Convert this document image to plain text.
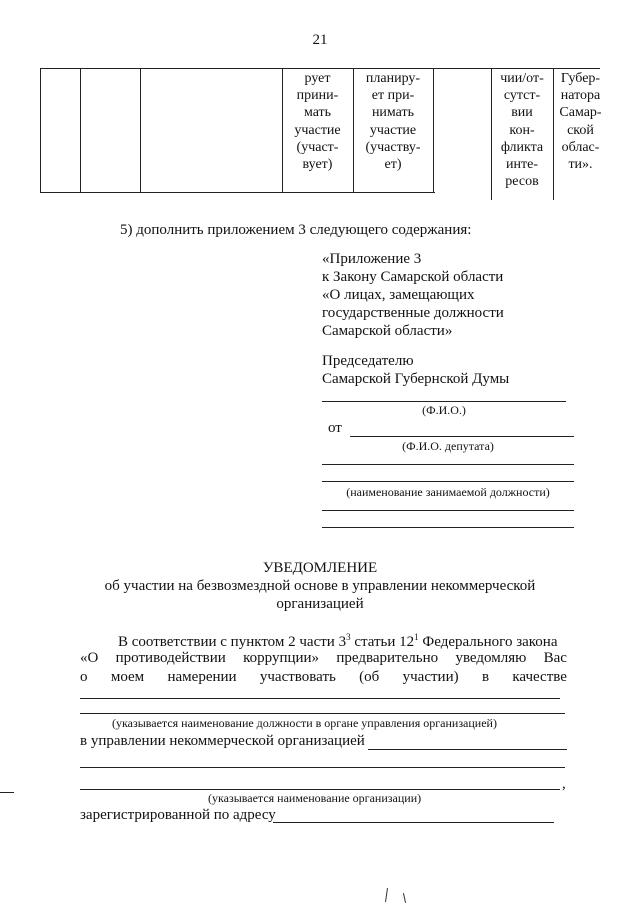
21
рует
прини-
мать
участие
(участ-
вует)
планиру-
ет при-
нимать
участие
(участву-
ет)
чии/от-
сутст-
вии
кон-
фликта
инте-
ресов
Губер-
натора
Самар-
ской
облас-
ти».
5) дополнить приложением 3 следующего содержания:
«Приложение 3
к Закону Самарской области
«О лицах, замещающих
государственные должности
Самарской области»
Председателю
Самарской Губернской Думы
(Ф.И.О.)
от
(Ф.И.О. депутата)
(наименование занимаемой должности)
УВЕДОМЛЕНИЕ
об участии на безвозмездной основе в управлении некоммерческой
организацией
В соответствии с пунктом 2 части $3^3$ статьи $12^1$ Федерального закона
«О противодействии коррупции» предварительно уведомляю Вас
о моем намерении участвовать (об участии) в качестве
(указывается наименование должности в органе управления организацией)
в управлении некоммерческой организацией
,
(указывается наименование организации)
зарегистрированной по адресу
